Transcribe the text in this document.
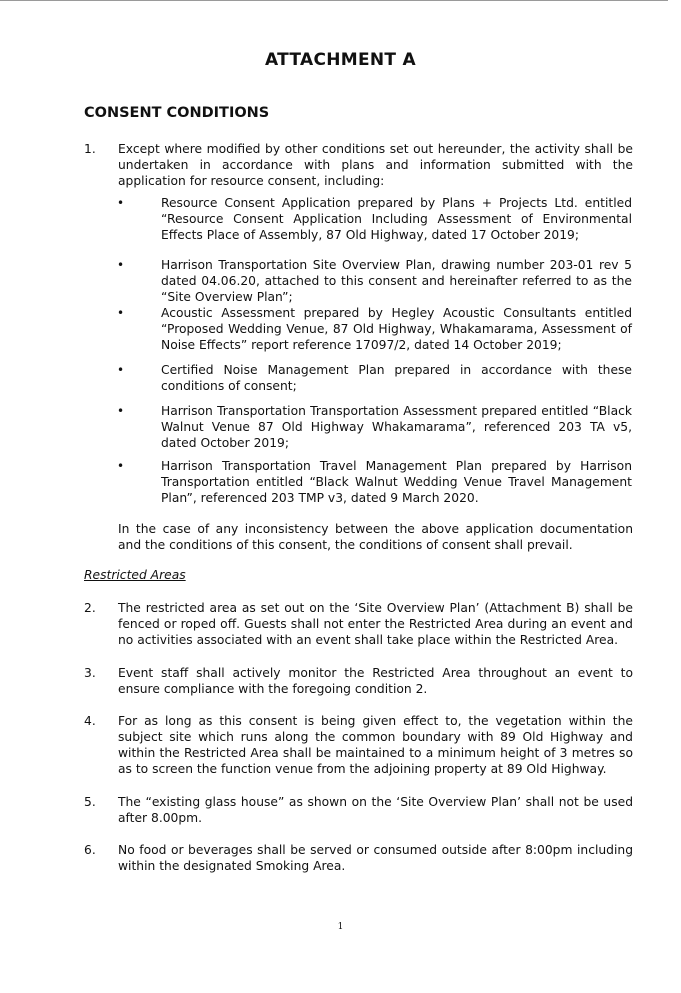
ATTACHMENT A
CONSENT CONDITIONS
1. Except where modified by other conditions set out hereunder, the activity shall be undertaken in accordance with plans and information submitted with the application for resource consent, including:
•	Resource Consent Application prepared by Plans + Projects Ltd. entitled “Resource Consent Application Including Assessment of Environmental Effects Place of Assembly, 87 Old Highway, dated 17 October 2019;
•	Harrison Transportation Site Overview Plan, drawing number 203-01 rev 5 dated 04.06.20, attached to this consent and hereinafter referred to as the “Site Overview Plan”;
•	Acoustic Assessment prepared by Hegley Acoustic Consultants entitled “Proposed Wedding Venue, 87 Old Highway, Whakamarama, Assessment of Noise Effects” report reference 17097/2, dated 14 October 2019;
•	Certified Noise Management Plan prepared in accordance with these conditions of consent;
•	Harrison Transportation Transportation Assessment prepared entitled “Black Walnut Venue 87 Old Highway Whakamarama”, referenced 203 TA v5, dated October 2019;
•	Harrison Transportation Travel Management Plan prepared by Harrison Transportation entitled “Black Walnut Wedding Venue Travel Management Plan”, referenced 203 TMP v3, dated 9 March 2020.
In the case of any inconsistency between the above application documentation and the conditions of this consent, the conditions of consent shall prevail.
Restricted Areas
2. The restricted area as set out on the ‘Site Overview Plan’ (Attachment B) shall be fenced or roped off. Guests shall not enter the Restricted Area during an event and no activities associated with an event shall take place within the Restricted Area.
3. Event staff shall actively monitor the Restricted Area throughout an event to ensure compliance with the foregoing condition 2.
4. For as long as this consent is being given effect to, the vegetation within the subject site which runs along the common boundary with 89 Old Highway and within the Restricted Area shall be maintained to a minimum height of 3 metres so as to screen the function venue from the adjoining property at 89 Old Highway.
5. The “existing glass house” as shown on the ‘Site Overview Plan’ shall not be used after 8.00pm.
6. No food or beverages shall be served or consumed outside after 8:00pm including within the designated Smoking Area.
1
